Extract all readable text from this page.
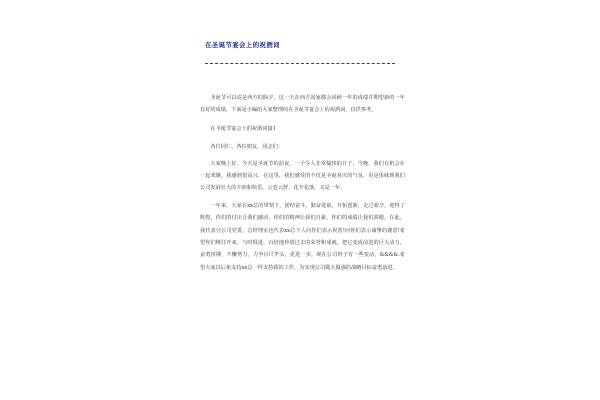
在圣诞节宴会上的祝酒词

圣诞节可以说是西方的除夕，这一天在西方国家都会回顾一年的成绩并期望新的一年有好的成绩，下面是小编给大家整理的在圣诞节宴会上的祝酒词，仅供参考。

在圣诞节宴会上的祝酒词篇1

各位同仁、各位朋友、同志们：

大家晚上好。今天是圣诞节的前夜，一个令人非常愉快的日子，今晚，我们有机会在一起欢聚，我感到很高兴，在这里，我们感受的不仅是圣诞喜庆的气氛，更是体味到我们公司发展壮大的丰润和快乐。云卷云舒，花开花落，又是一年。

一年来，大家在xx总的带领下，团结奋斗，勤奋进取，开拓创新，走过艰辛，迎得了辉煌，你们的付出让我们感动，你们的精神让我们自豪，你们的成绩让我们骄傲，在此，我代表分公司党委，总经理室也代表xx总个人向你们表示祝贺!向你们表示诚挚的谢意!希望你们继往开来，与时俱进，百倍地珍惜过去的荣誉和成就，把它变成前进的巨大动力，奋勇拼搏，不懈努力，力争百尺竿头，更进一步。现在公司班子有一些变动，&&&&.希望大家以后象支持xx总一样支持我的工作，为实现公司做大做强的战略目标奋勇前进。
